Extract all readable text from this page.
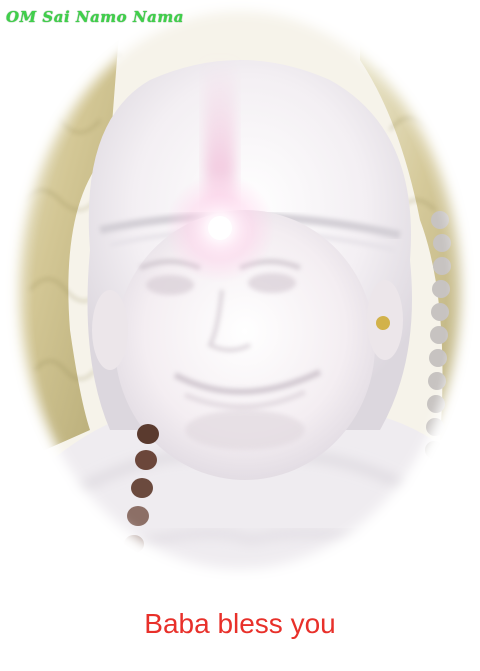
OM Sai Namo Nama
Baba bless you
